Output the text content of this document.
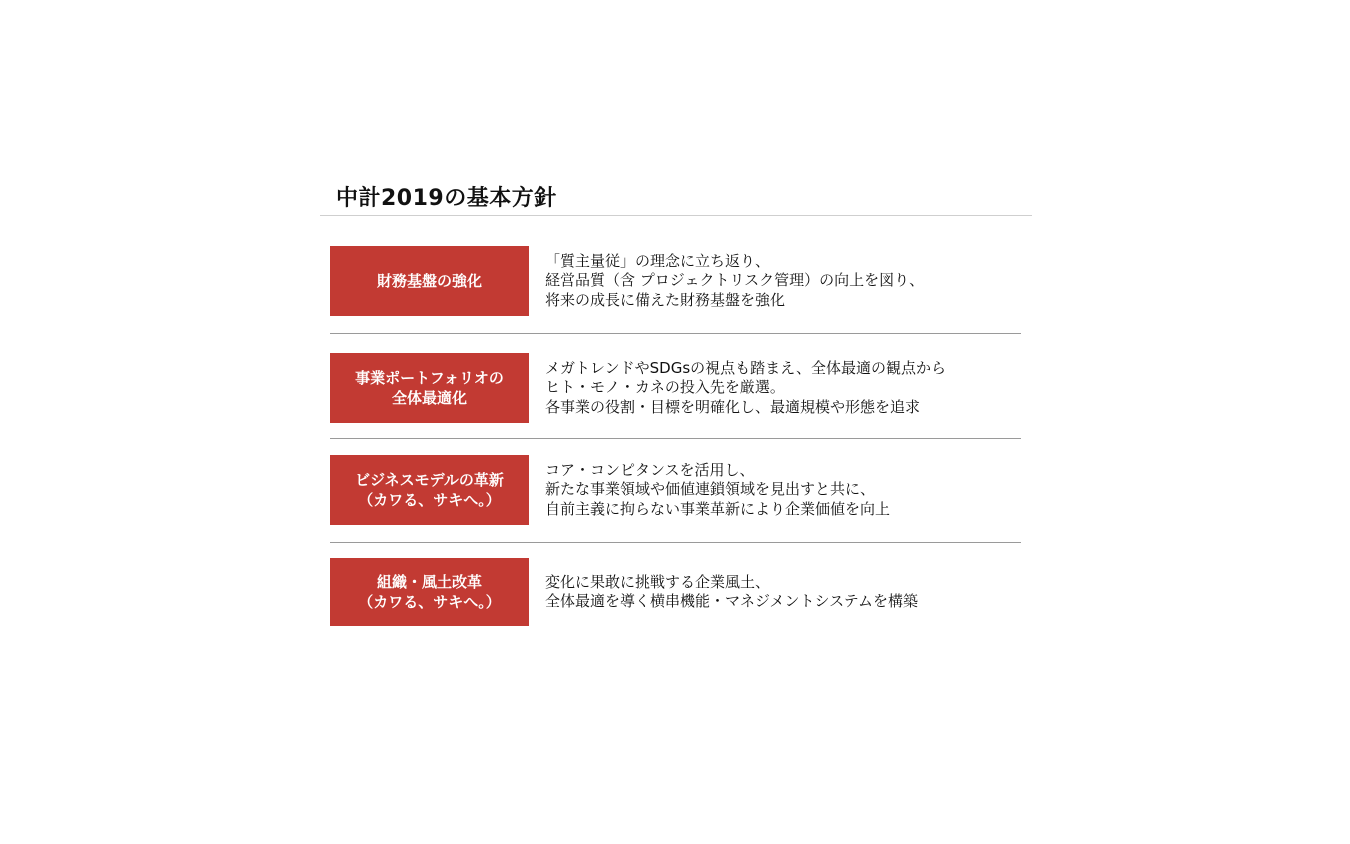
中計2019の基本方針
財務基盤の強化
「質主量従」の理念に立ち返り、
経営品質（含 プロジェクトリスク管理）の向上を図り、
将来の成長に備えた財務基盤を強化
事業ポートフォリオの
全体最適化
メガトレンドやSDGsの視点も踏まえ、全体最適の観点から
ヒト・モノ・カネの投入先を厳選。
各事業の役割・目標を明確化し、最適規模や形態を追求
ビジネスモデルの革新
（カワる、サキへ。）
コア・コンピタンスを活用し、
新たな事業領域や価値連鎖領域を見出すと共に、
自前主義に拘らない事業革新により企業価値を向上
組織・風土改革
（カワる、サキへ。）
変化に果敢に挑戦する企業風土、
全体最適を導く横串機能・マネジメントシステムを構築
